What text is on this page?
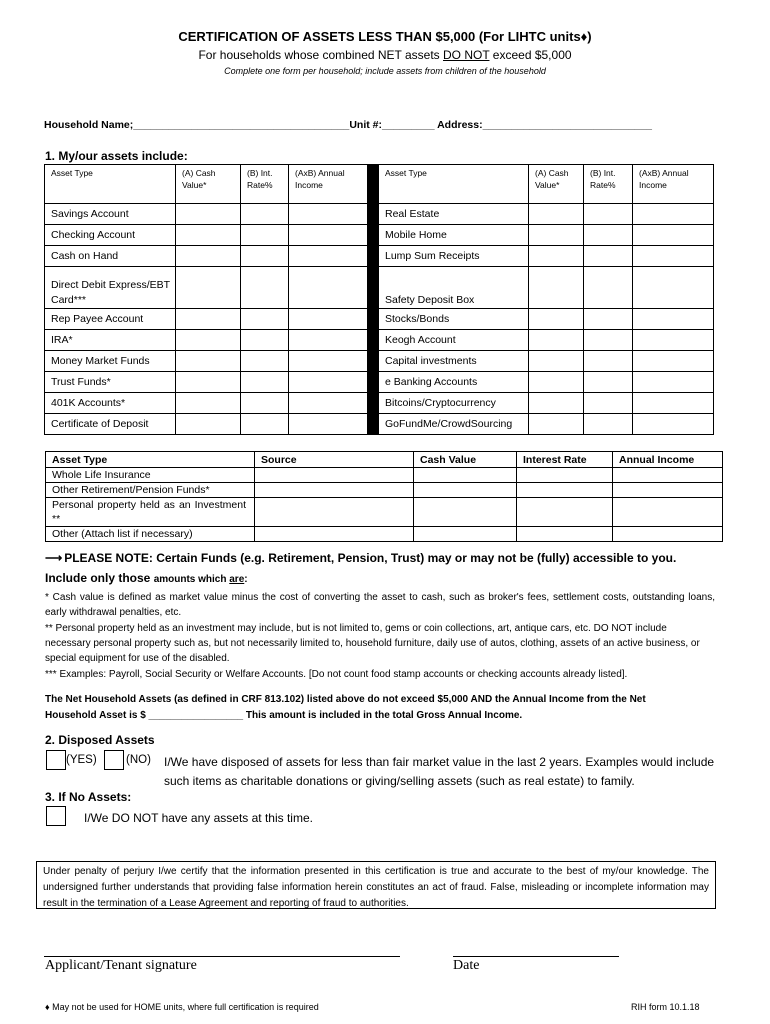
CERTIFICATION OF ASSETS LESS THAN $5,000 (For LIHTC units♦)
For households whose combined NET assets DO NOT exceed $5,000
Complete one form per household; include assets from children of the household
Household Name;_____________________________________Unit #:_________ Address:_____________________________
1. My/our assets include:
Asset Type	(A) Cash Value*	(B) Int. Rate%	(AxB) Annual Income		Asset Type	(A) Cash Value*	(B) Int. Rate%	(AxB) Annual Income
Savings Account					Real Estate			
Checking Account					Mobile Home			
Cash on Hand					Lump Sum Receipts			
Direct Debit Express/EBT Card***					Safety Deposit Box			
Rep Payee Account					Stocks/Bonds			
IRA*					Keogh Account			
Money Market Funds					Capital investments			
Trust Funds*					e Banking Accounts			
401K Accounts*					Bitcoins/Cryptocurrency			
Certificate of Deposit					GoFundMe/CrowdSourcing			
Asset Type	Source	Cash Value	Interest Rate	Annual Income
Whole Life Insurance				
Other Retirement/Pension Funds*				
Personal property held as an Investment **				
Other (Attach list if necessary)				
⟶ PLEASE NOTE: Certain Funds (e.g. Retirement, Pension, Trust) may or may not be (fully) accessible to you.
Include only those amounts which are:
* Cash value is defined as market value minus the cost of converting the asset to cash, such as broker's fees, settlement costs, outstanding loans, early withdrawal penalties, etc.
** Personal property held as an investment may include, but is not limited to, gems or coin collections, art, antique cars, etc. DO NOT include necessary personal property such as, but not necessarily limited to, household furniture, daily use of autos, clothing, assets of an active business, or special equipment for use of the disabled.
*** Examples: Payroll, Social Security or Welfare Accounts. [Do not count food stamp accounts or checking accounts already listed].
The Net Household Assets (as defined in CRF 813.102) listed above do not exceed $5,000 AND the Annual Income from the Net
Household Asset is $ _________________ This amount is included in the total Gross Annual Income.
2. Disposed Assets
(YES)	(NO) I/We have disposed of assets for less than fair market value in the last 2 years. Examples would include such items as charitable donations or giving/selling assets (such as real estate) to family.
3. If No Assets:
I/We DO NOT have any assets at this time.
Under penalty of perjury I/we certify that the information presented in this certification is true and accurate to the best of my/our knowledge. The undersigned further understands that providing false information herein constitutes an act of fraud. False, misleading or incomplete information may result in the termination of a Lease Agreement and reporting of fraud to authorities.
Applicant/Tenant signature	Date
♦ May not be used for HOME units, where full certification is required	RIH form 10.1.18
